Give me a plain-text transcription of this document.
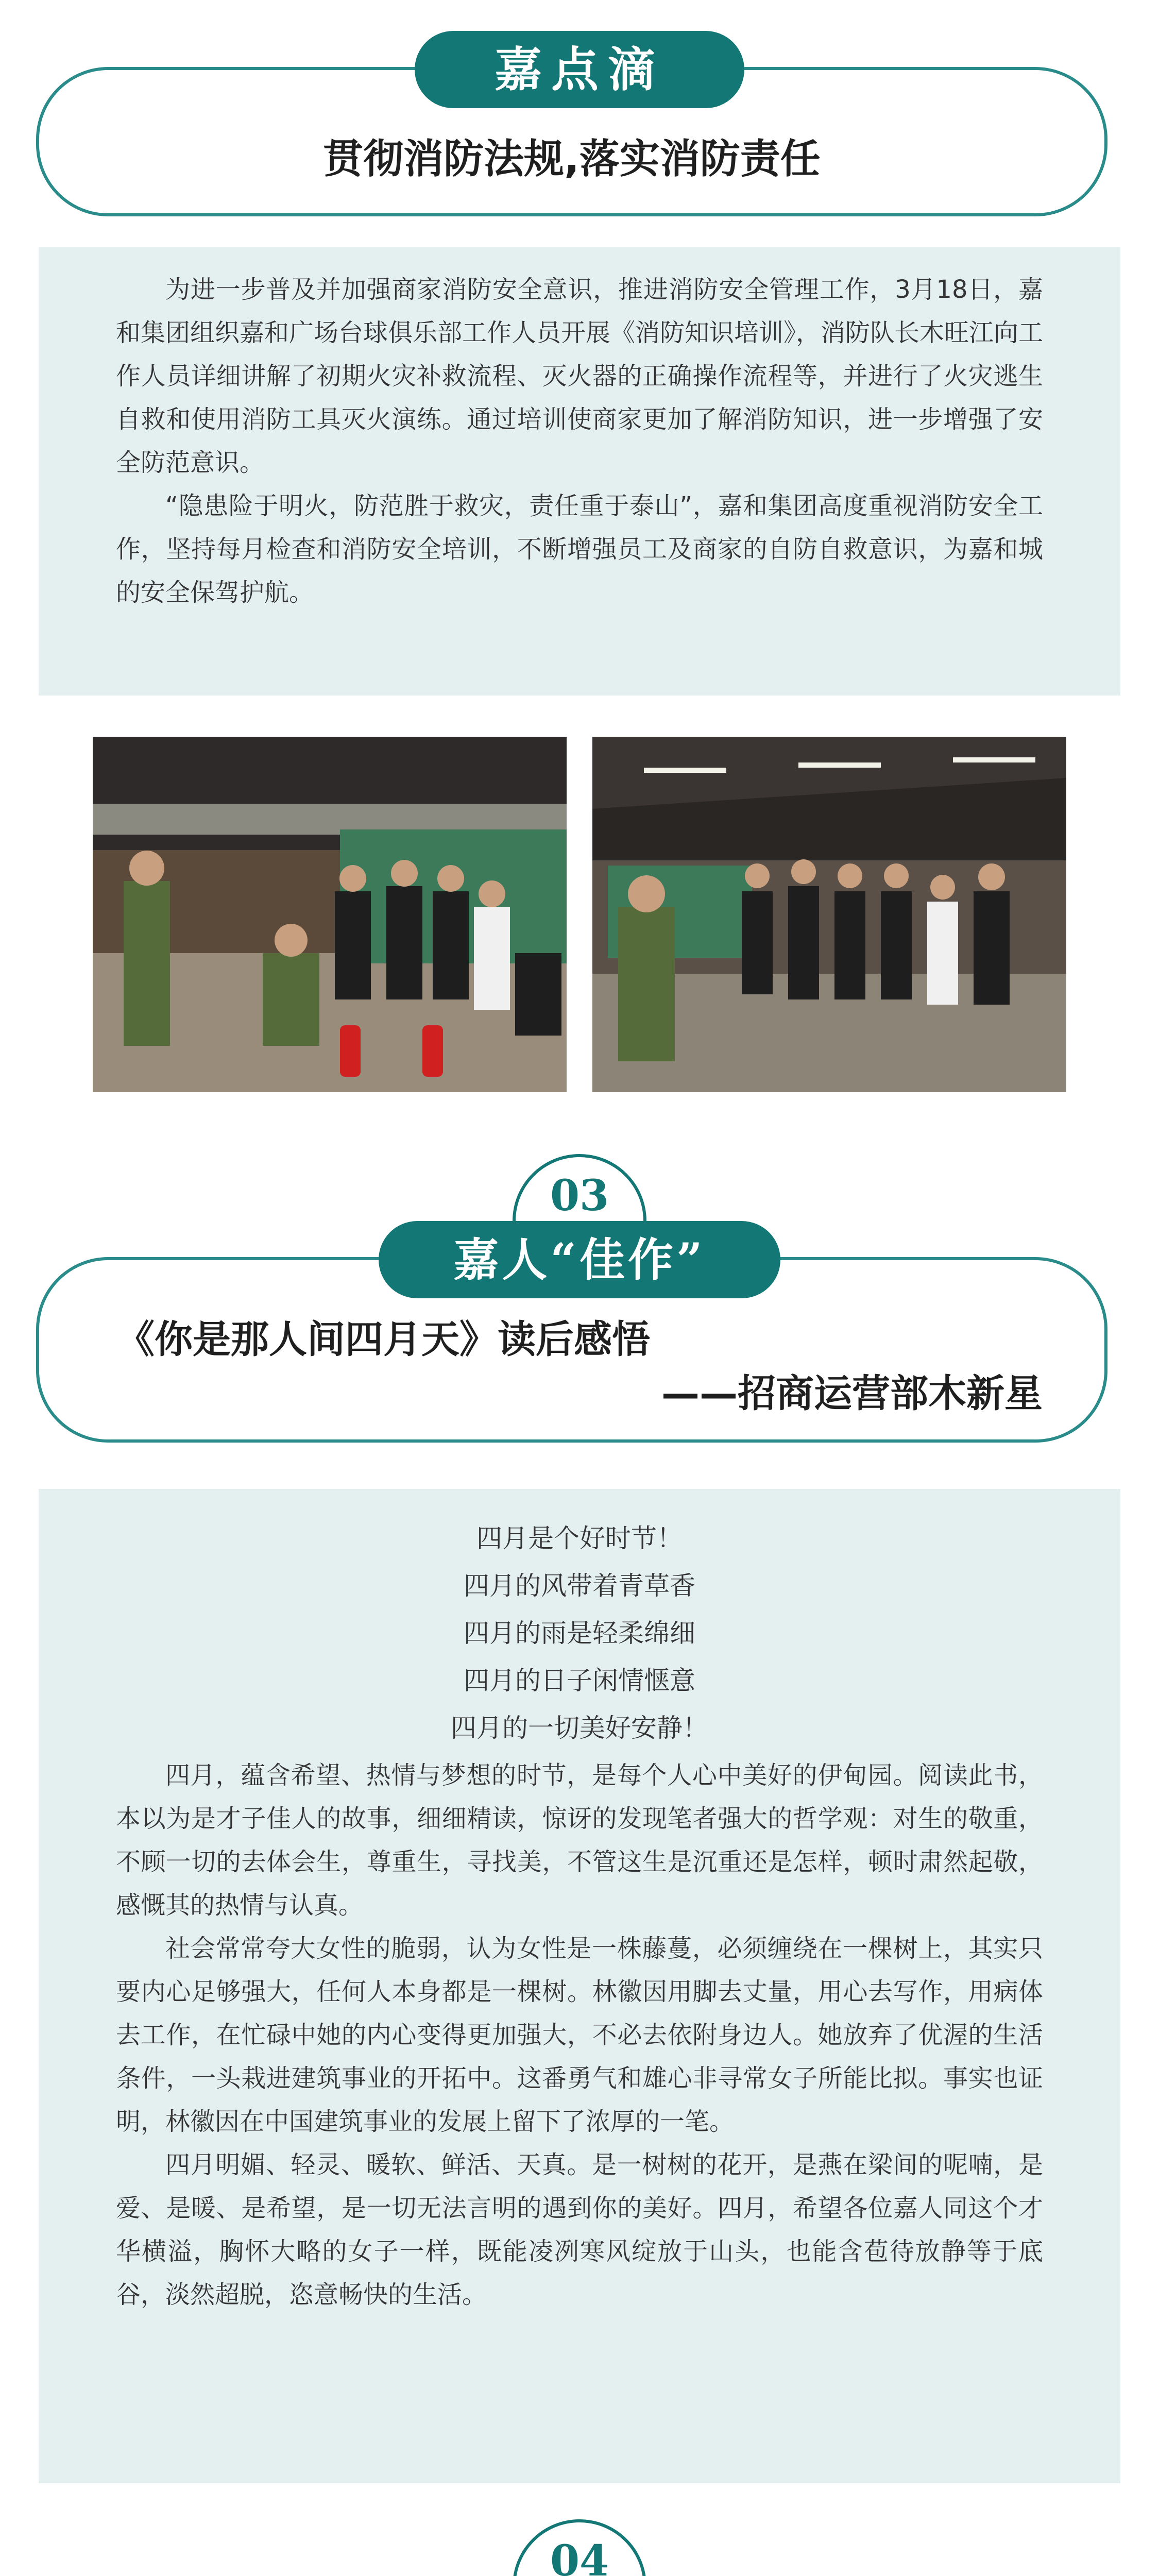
贯彻消防法规,落实消防责任
嘉点滴

为进一步普及并加强商家消防安全意识，推进消防安全管理工作，3月18日，嘉和集团组织嘉和广场台球俱乐部工作人员开展《消防知识培训》，消防队长木旺江向工作人员详细讲解了初期火灾补救流程、灭火器的正确操作流程等，并进行了火灾逃生自救和使用消防工具灭火演练。通过培训使商家更加了解消防知识，进一步增强了安全防范意识。

“隐患险于明火，防范胜于救灾，责任重于泰山”，嘉和集团高度重视消防安全工作，坚持每月检查和消防安全培训，不断增强员工及商家的自防自救意识，为嘉和城的安全保驾护航。

03
《你是那人间四月天》读后感悟
——招商运营部木新星
嘉人“佳作”

四月是个好时节！

四月的风带着青草香

四月的雨是轻柔绵细

四月的日子闲情惬意

四月的一切美好安静！

四月，蕴含希望、热情与梦想的时节，是每个人心中美好的伊甸园。阅读此书，本以为是才子佳人的故事，细细精读，惊讶的发现笔者强大的哲学观：对生的敬重，不顾一切的去体会生，尊重生，寻找美，不管这生是沉重还是怎样，顿时肃然起敬，感慨其的热情与认真。

社会常常夸大女性的脆弱，认为女性是一株藤蔓，必须缠绕在一棵树上，其实只要内心足够强大，任何人本身都是一棵树。林徽因用脚去丈量，用心去写作，用病体去工作，在忙碌中她的内心变得更加强大，不必去依附身边人。她放弃了优渥的生活条件，一头栽进建筑事业的开拓中。这番勇气和雄心非寻常女子所能比拟。事实也证明，林徽因在中国建筑事业的发展上留下了浓厚的一笔。

四月明媚、轻灵、暖软、鲜活、天真。是一树树的花开，是燕在梁间的呢喃，是爱、是暖、是希望，是一切无法言明的遇到你的美好。四月，希望各位嘉人同这个才华横溢，胸怀大略的女子一样，既能凌冽寒风绽放于山头，也能含苞待放静等于底谷，淡然超脱，恣意畅快的生活。

04
